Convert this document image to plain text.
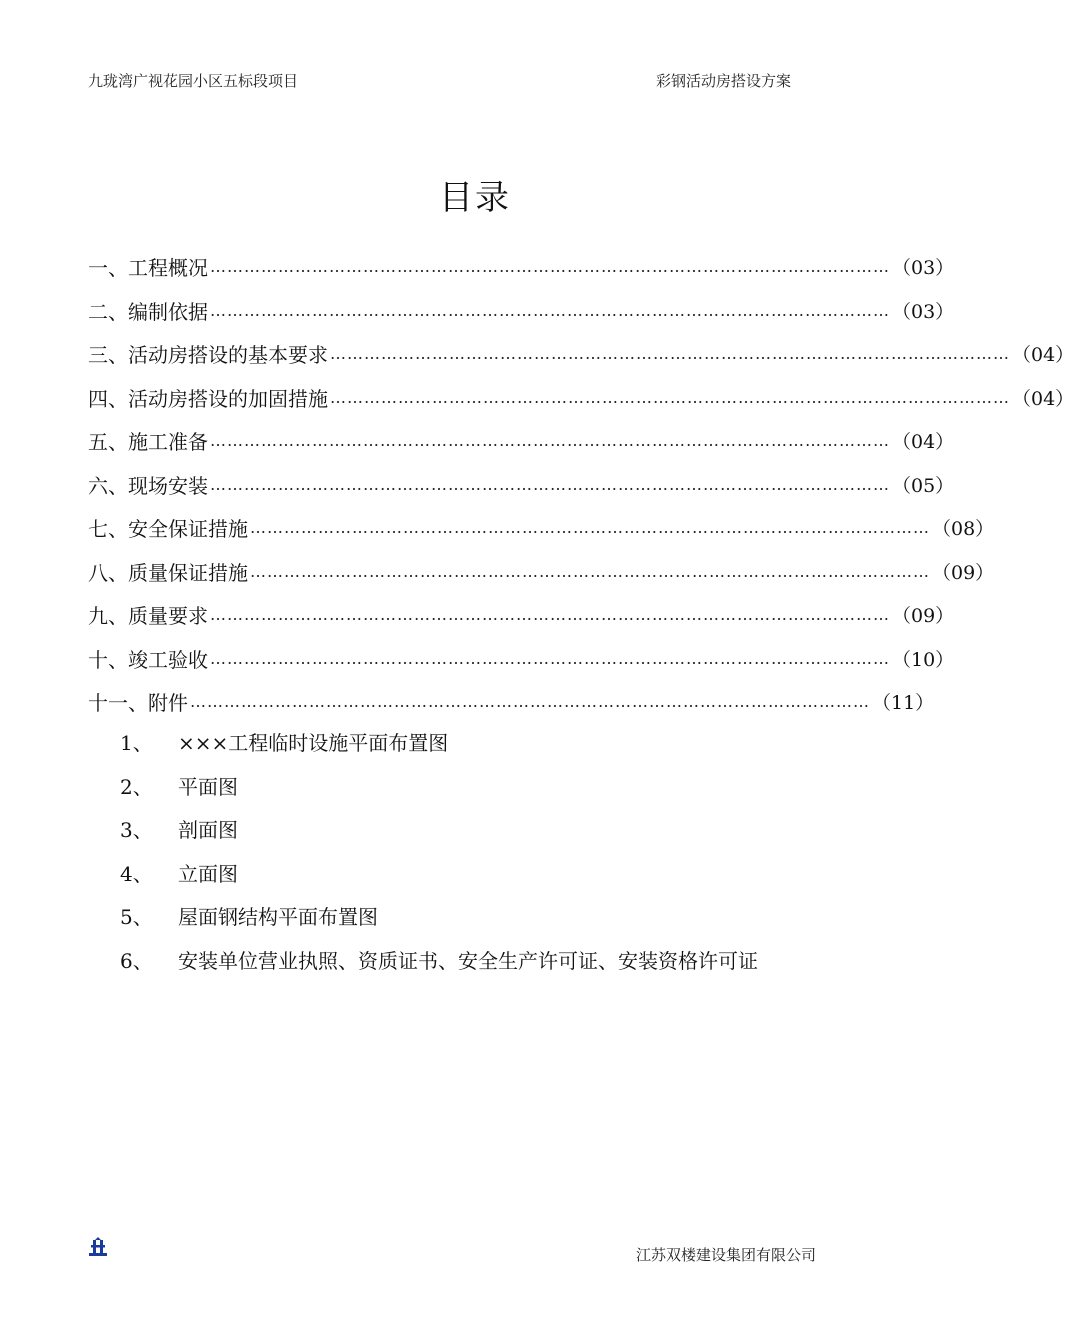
九珑湾广视花园小区五标段项目	彩钢活动房搭设方案
目录
一、 工程概况 ………………………………………………………………………………………………………… （03）
二、 编制依据 ………………………………………………………………………………………………………… （03）
三、 活动房搭设的基本要求 ………………………………………………………………………………………………………… （04）
四、 活动房搭设的加固措施 ………………………………………………………………………………………………………… （04）
五、 施工准备 ………………………………………………………………………………………………………… （04）
六、 现场安装 ………………………………………………………………………………………………………… （05）
七、 安全保证措施 ………………………………………………………………………………………………………… （08）
八、 质量保证措施 ………………………………………………………………………………………………………… （09）
九、 质量要求 ………………………………………………………………………………………………………… （09）
十、 竣工验收 ………………………………………………………………………………………………………… （10）
十一、 附件 ………………………………………………………………………………………………………… （11）
1、	×××工程临时设施平面布置图
2、	平面图
3、	剖面图
4、	立面图
5、	屋面钢结构平面布置图
6、	安装单位营业执照、资质证书、安全生产许可证、安装资格许可证
江苏双楼建设集团有限公司
